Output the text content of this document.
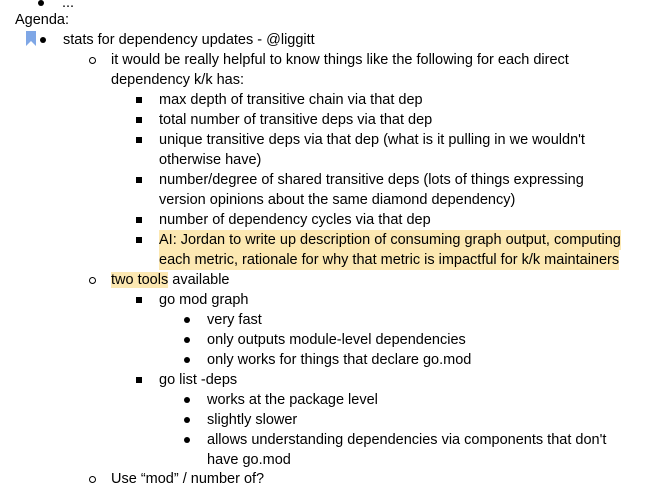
...
Agenda:
stats for dependency updates - @liggitt
it would be really helpful to know things like the following for each direct
dependency k/k has:
max depth of transitive chain via that dep
total number of transitive deps via that dep
unique transitive deps via that dep (what is it pulling in we wouldn't
otherwise have)
number/degree of shared transitive deps (lots of things expressing
version opinions about the same diamond dependency)
number of dependency cycles via that dep
AI: Jordan to write up description of consuming graph output, computing
each metric, rationale for why that metric is impactful for k/k maintainers
two tools available
go mod graph
very fast
only outputs module-level dependencies
only works for things that declare go.mod
go list -deps
works at the package level
slightly slower
allows understanding dependencies via components that don't
have go.mod
Use “mod” / number of?
